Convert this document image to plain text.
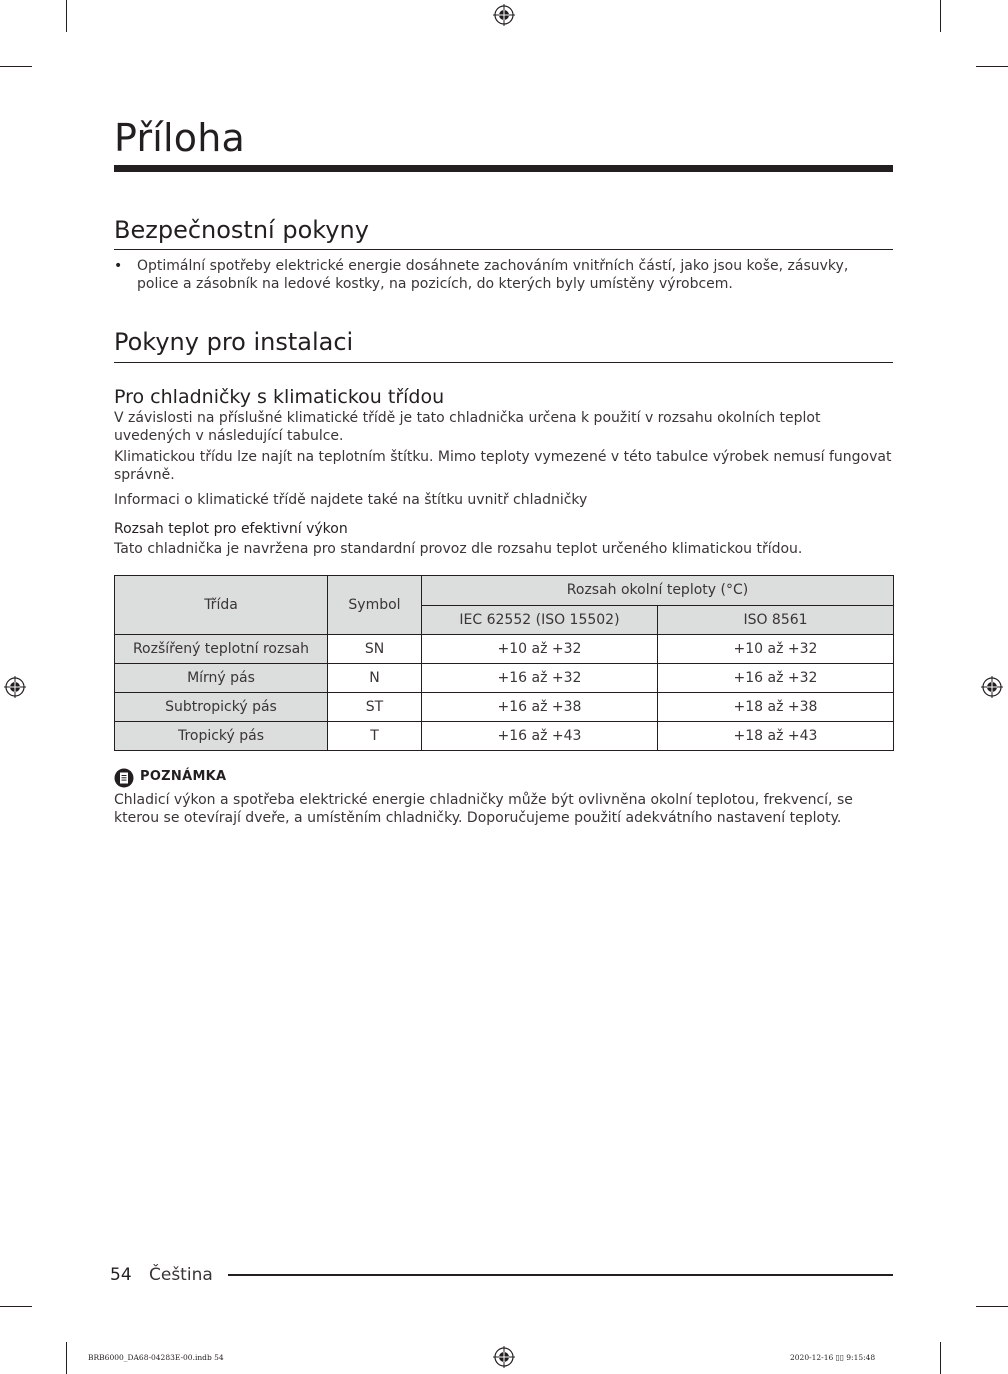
Příloha
Bezpečnostní pokyny
• Optimální spotřeby elektrické energie dosáhnete zachováním vnitřních částí, jako jsou koše, zásuvky, police a zásobník na ledové kostky, na pozicích, do kterých byly umístěny výrobcem.
Pokyny pro instalaci
Pro chladničky s klimatickou třídou
V závislosti na příslušné klimatické třídě je tato chladnička určena k použití v rozsahu okolních teplot uvedených v následující tabulce.
Klimatickou třídu lze najít na teplotním štítku. Mimo teploty vymezené v této tabulce výrobek nemusí fungovat správně.
Informaci o klimatické třídě najdete také na štítku uvnitř chladničky
Rozsah teplot pro efektivní výkon
Tato chladnička je navržena pro standardní provoz dle rozsahu teplot určeného klimatickou třídou.
Třída	Symbol	Rozsah okolní teploty (°C)	
		IEC 62552 (ISO 15502)	ISO 8561
Rozšířený teplotní rozsah	SN	+10 až +32	+10 až +32
Mírný pás	N	+16 až +32	+16 až +32
Subtropický pás	ST	+16 až +38	+18 až +38
Tropický pás	T	+16 až +43	+18 až +43
POZNÁMKA
Chladicí výkon a spotřeba elektrické energie chladničky může být ovlivněna okolní teplotou, frekvencí, se kterou se otevírají dveře, a umístěním chladničky. Doporučujeme použití adekvátního nastavení teploty.
54 Čeština
BRB6000_DA68-04283E-00.indb 54	2020-12-16 ▯▯ 9:15:48
